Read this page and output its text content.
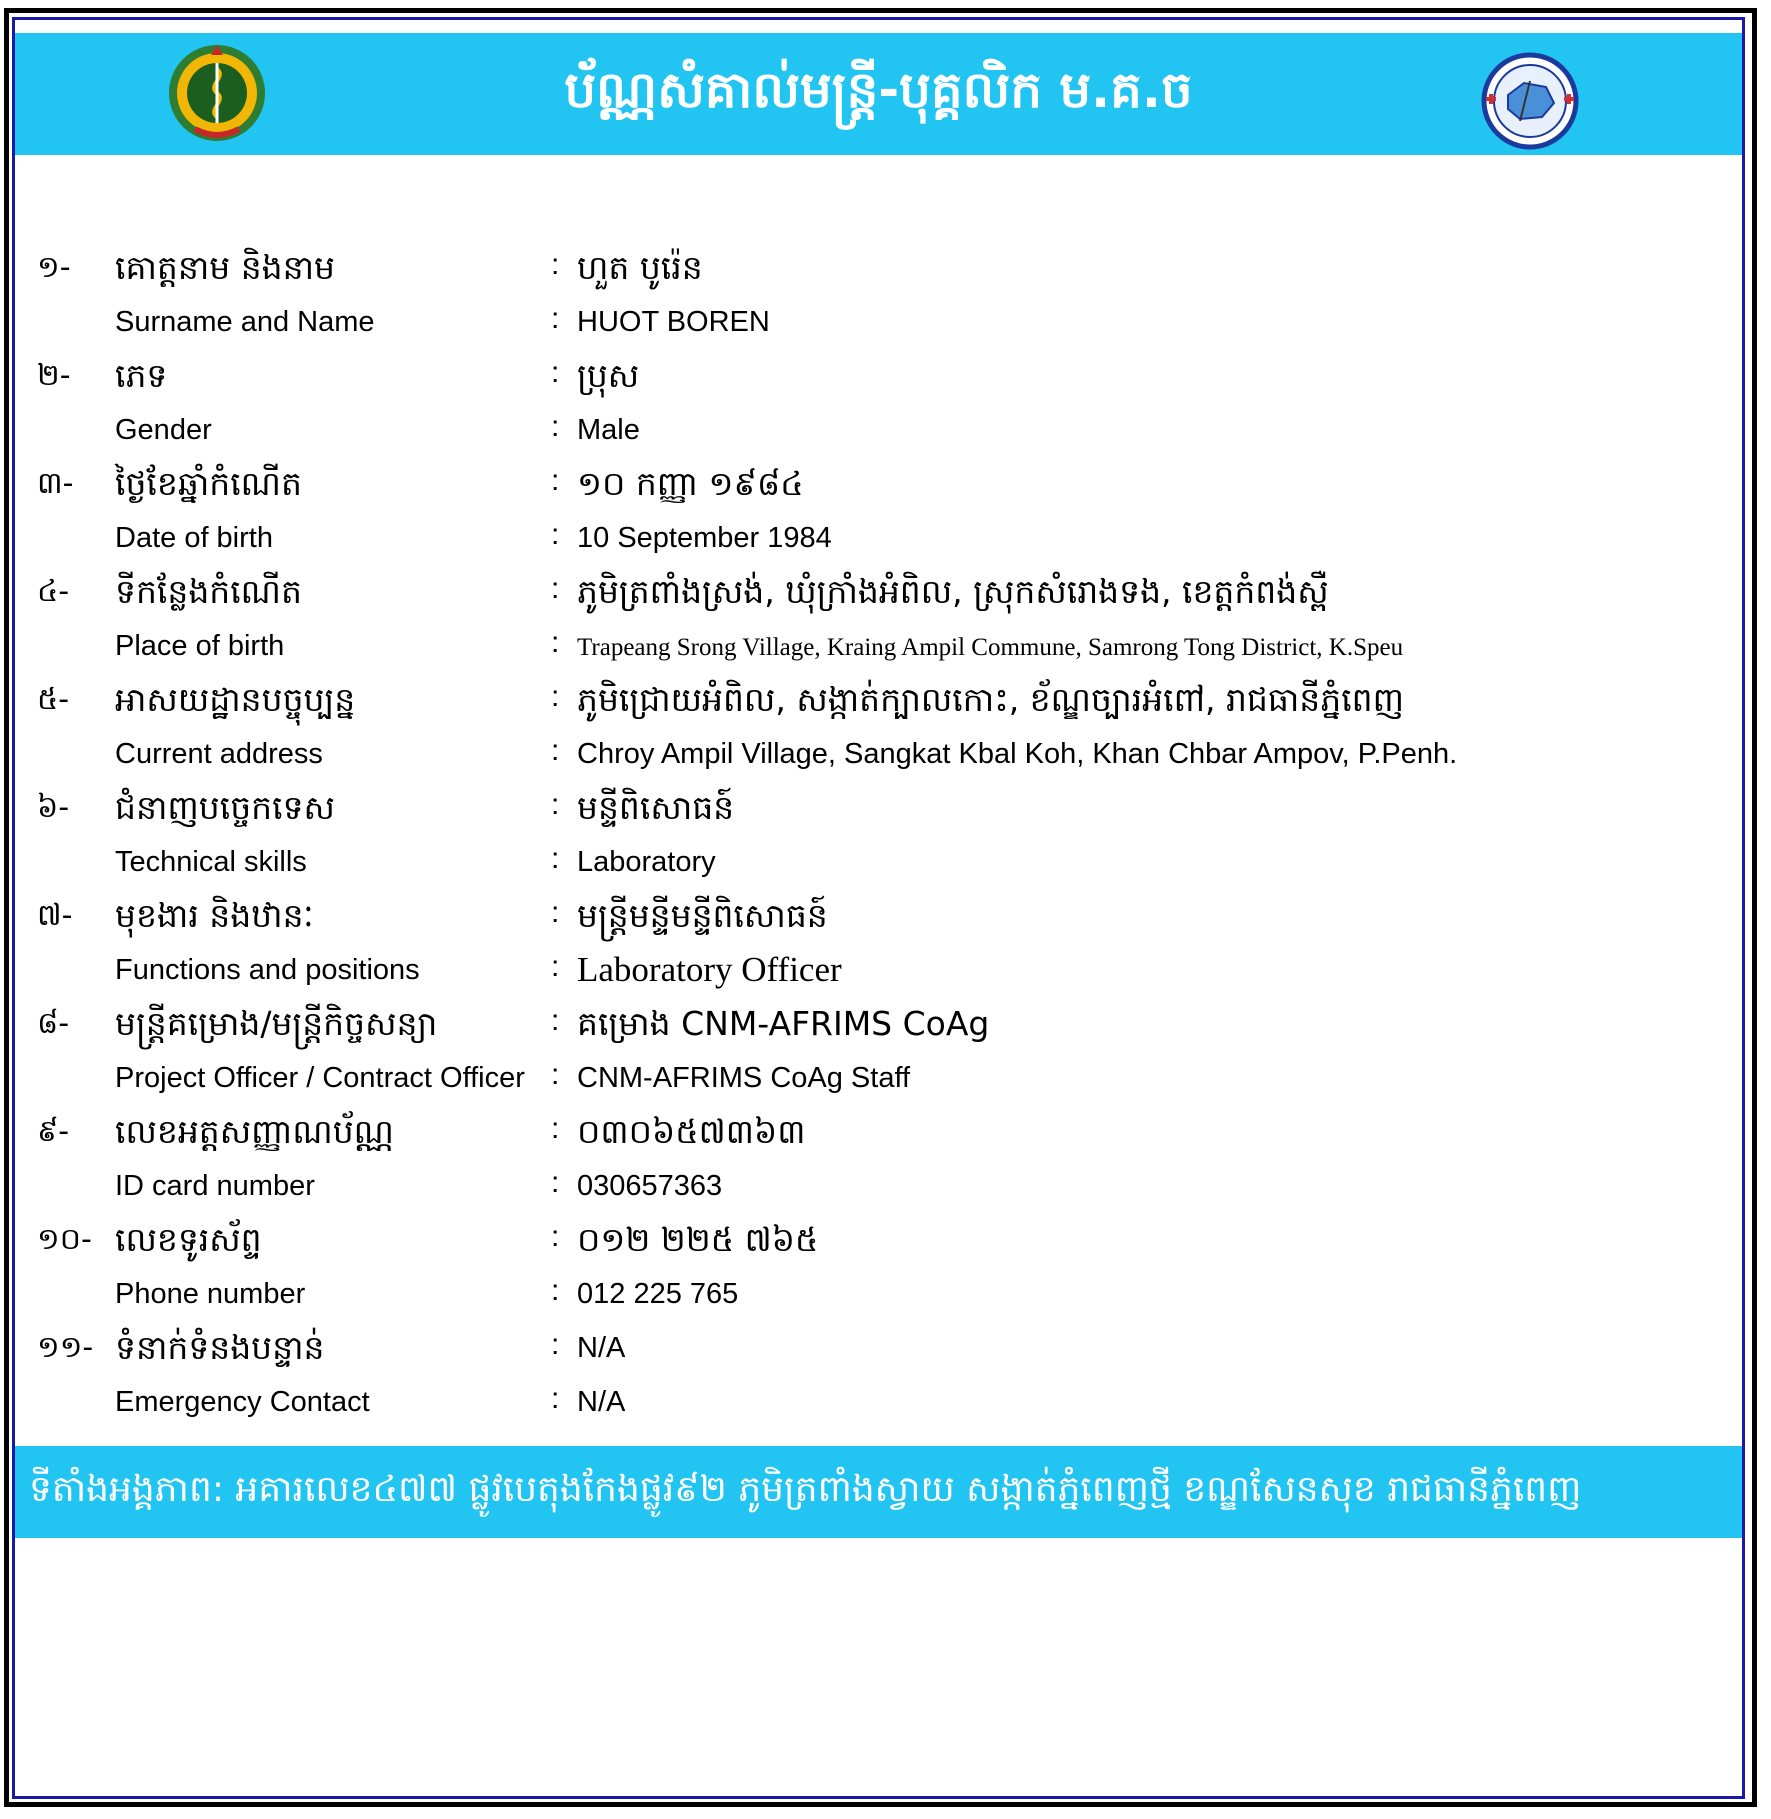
ប័ណ្ណសំគាល់មន្ត្រី-បុគ្គលិក ម.គ.ច
១- គោត្តនាម និងនាម	: ហួត បូរ៉េន
Surname and Name	: HUOT BOREN
២- ភេទ	: ប្រុស
Gender	: Male
៣- ថ្ងៃខែឆ្នាំកំណើត	: ១០ កញ្ញា ១៩៨៤
Date of birth	: 10 September 1984
៤- ទីកន្លែងកំណើត	: ភូមិត្រពាំងស្រង់, ឃុំក្រាំងអំពិល, ស្រុកសំរោងទង, ខេត្តកំពង់ស្ពឺ
Place of birth	: Trapeang Srong Village, Kraing Ampil Commune, Samrong Tong District, K.Speu
៥- អាសយដ្ឋានបច្ចុប្បន្ន	: ភូមិជ្រោយអំពិល, សង្កាត់ក្បាលកោះ, ខ័ណ្ឌច្បារអំពៅ, រាជធានីភ្នំពេញ
Current address	: Chroy Ampil Village, Sangkat Kbal Koh, Khan Chbar Ampov, P.Penh.
៦- ជំនាញបច្ចេកទេស	: មន្ទីពិសោធន៍
Technical skills	: Laboratory
៧- មុខងារ និងឋានៈ	: មន្ត្រីមន្ទីមន្ទីពិសោធន៍
Functions and positions	: Laboratory Officer
៨- មន្ត្រីគម្រោង/មន្ត្រីកិច្ចសន្យា	: គម្រោង CNM-AFRIMS CoAg
Project Officer / Contract Officer : CNM-AFRIMS CoAg Staff
៩- លេខអត្តសញ្ញាណប័ណ្ណ	: ០៣០៦៥៧៣៦៣
ID card number	: 030657363
១០- លេខទូរស័ព្ទ	: ០១២ ២២៥ ៧៦៥
Phone number	: 012 225 765
១១- ទំនាក់ទំនងបន្ទាន់	: N/A
Emergency Contact	: N/A
ទីតាំងអង្គភាព: អគារលេខ៤៧៧ ផ្លូវបេតុងកែងផ្លូវ៩២ ភូមិត្រពាំងស្វាយ សង្កាត់ភ្នំពេញថ្មី ខណ្ឌសែនសុខ រាជធានីភ្នំពេញ
